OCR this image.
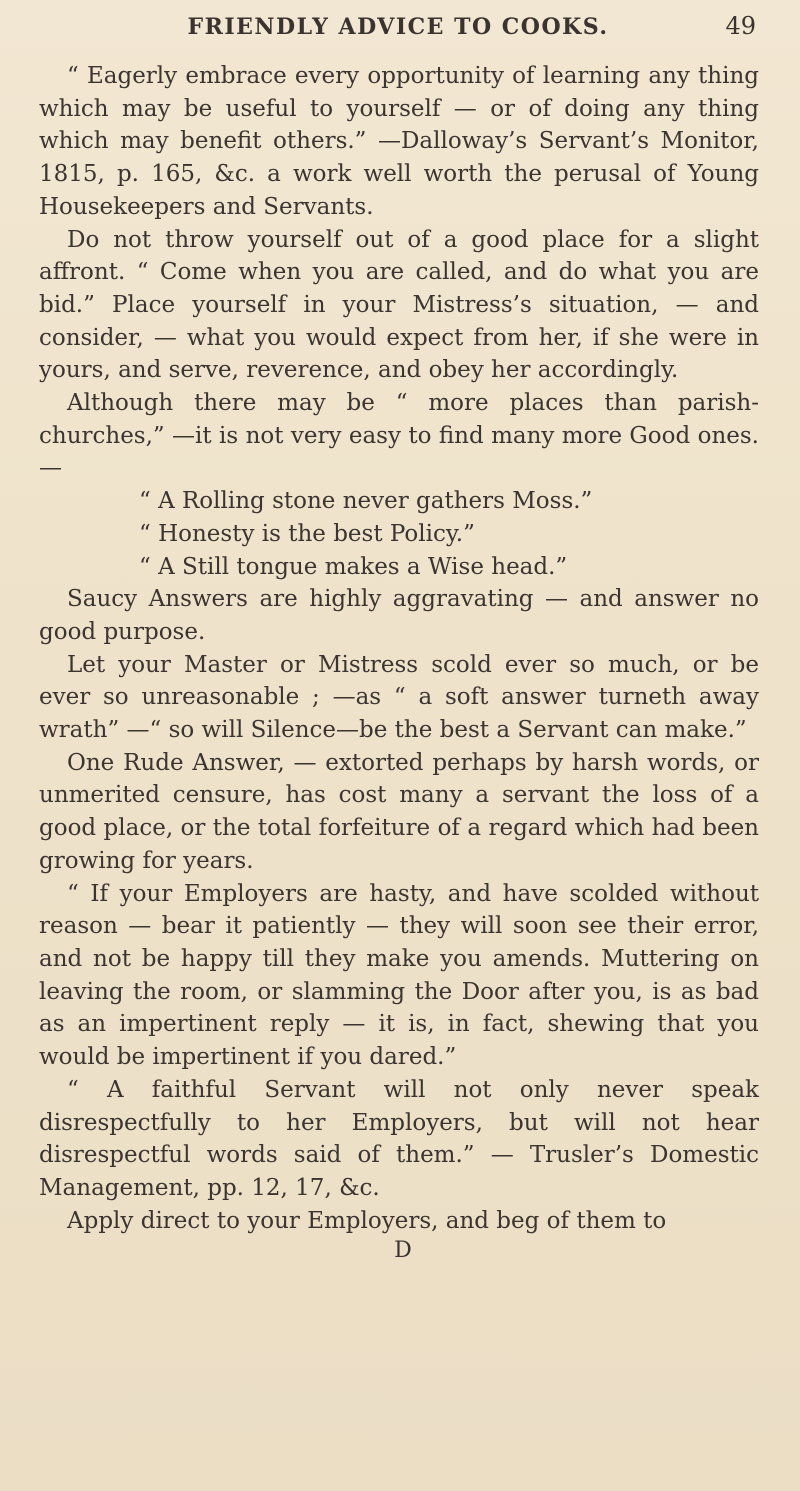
FRIENDLY ADVICE TO COOKS.	49

“ Eagerly embrace every opportunity of learning any thing which may be useful to yourself — or of doing any thing which may benefit others.” —Dalloway’s Servant’s Monitor, 1815, p. 165, &c. a work well worth the perusal of Young Housekeepers and Servants.

Do not throw yourself out of a good place for a slight affront. “ Come when you are called, and do what you are bid.” Place yourself in your Mistress’s situation, — and consider, — what you would expect from her, if she were in yours, and serve, reverence, and obey her accordingly.

Although there may be “ more places than parish-churches,” —it is not very easy to find many more Good ones. —

“ A Rolling stone never gathers Moss.”

“ Honesty is the best Policy.”

“ A Still tongue makes a Wise head.”

Saucy Answers are highly aggravating — and answer no good purpose.

Let your Master or Mistress scold ever so much, or be ever so unreasonable ; —as “ a soft answer turneth away wrath” —“ so will Silence—be the best a Servant can make.”

One Rude Answer, — extorted perhaps by harsh words, or unmerited censure, has cost many a servant the loss of a good place, or the total forfeiture of a regard which had been growing for years.

“ If your Employers are hasty, and have scolded without reason — bear it patiently — they will soon see their error, and not be happy till they make you amends. Muttering on leaving the room, or slamming the Door after you, is as bad as an impertinent reply — it is, in fact, shewing that you would be impertinent if you dared.”

“ A faithful Servant will not only never speak disrespectfully to her Employers, but will not hear disrespectful words said of them.” — Trusler’s Domestic Management, pp. 12, 17, &c.

Apply direct to your Employers, and beg of them to

D
